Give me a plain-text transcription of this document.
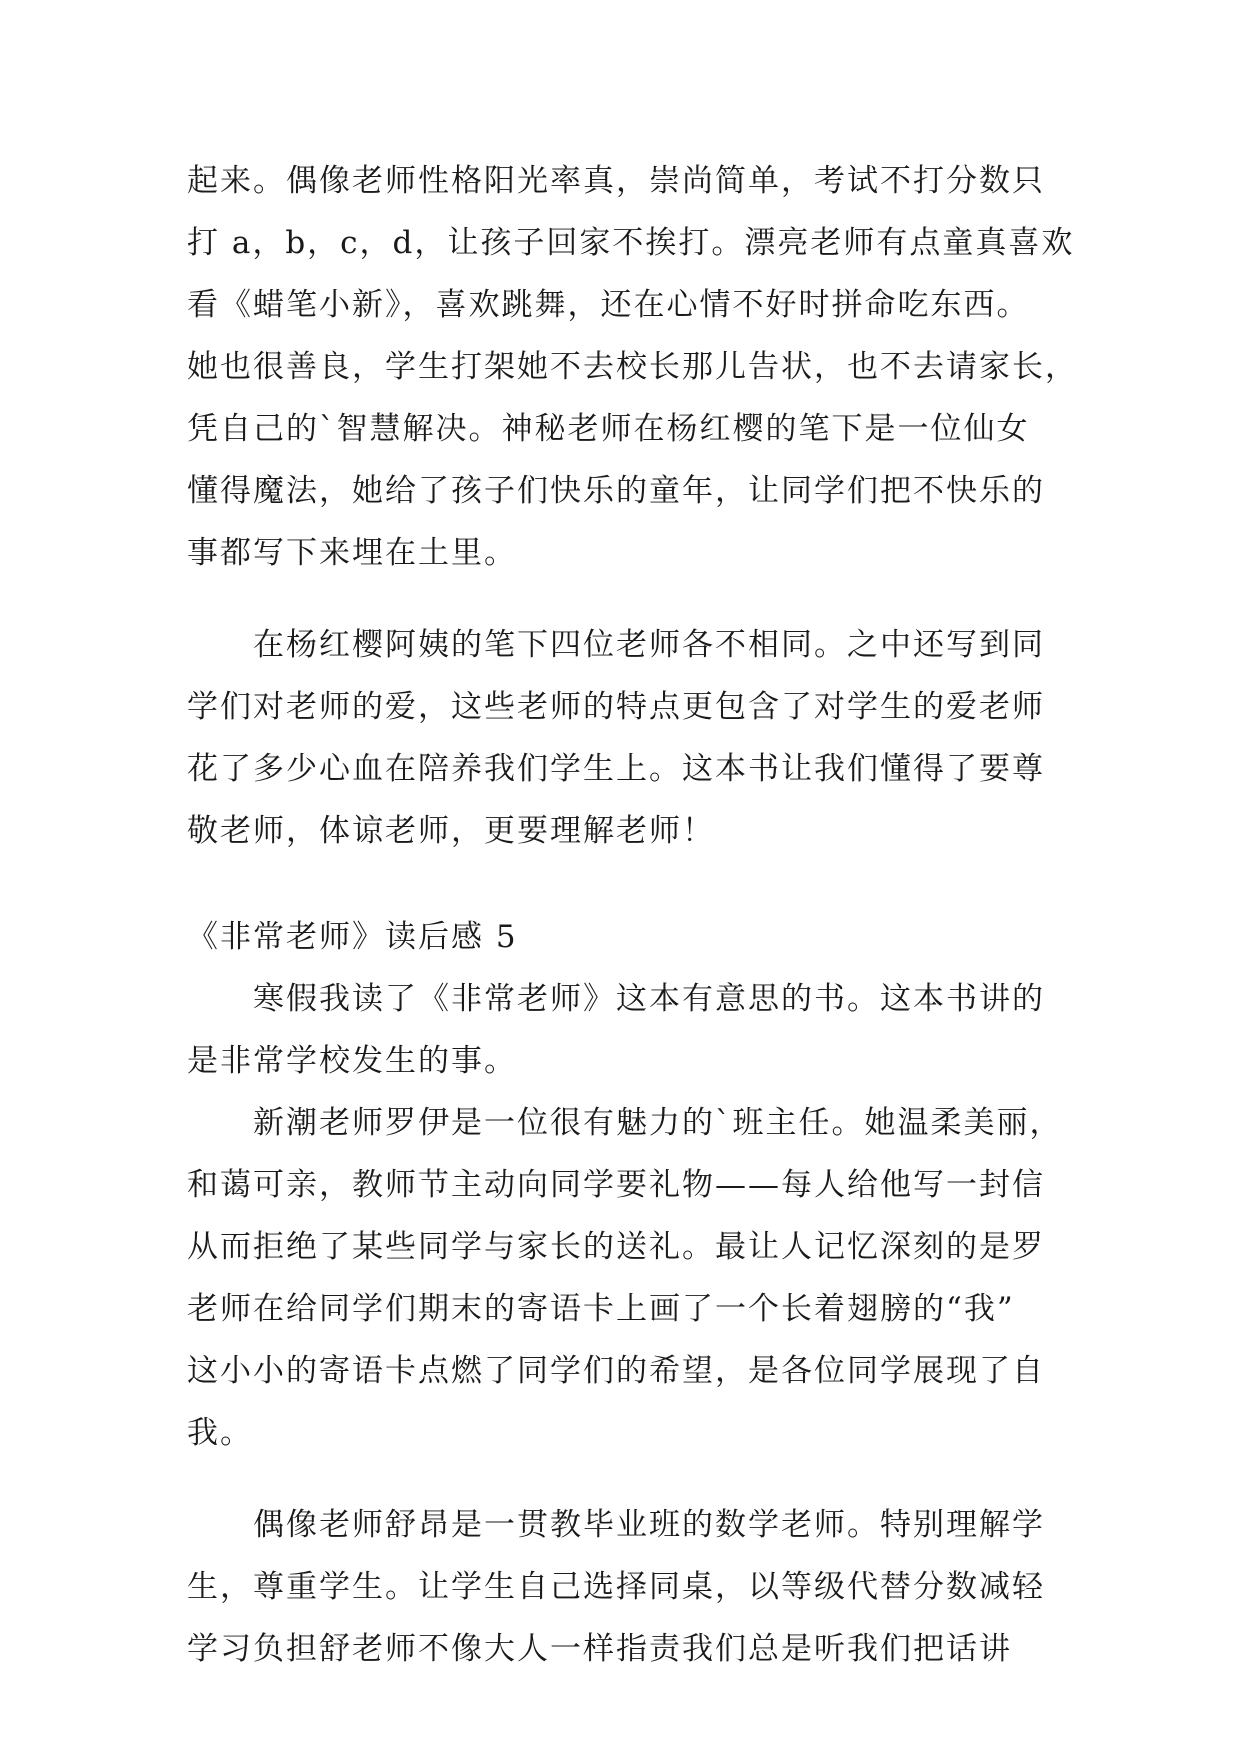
起来。偶像老师性格阳光率真，崇尚简单，考试不打分数只
打 a，b，c，d，让孩子回家不挨打。漂亮老师有点童真喜欢
看《蜡笔小新》，喜欢跳舞，还在心情不好时拼命吃东西。
她也很善良，学生打架她不去校长那儿告状，也不去请家长，
凭自己的`智慧解决。神秘老师在杨红樱的笔下是一位仙女
懂得魔法，她给了孩子们快乐的童年，让同学们把不快乐的
事都写下来埋在土里。
在杨红樱阿姨的笔下四位老师各不相同。之中还写到同
学们对老师的爱，这些老师的特点更包含了对学生的爱老师
花了多少心血在陪养我们学生上。这本书让我们懂得了要尊
敬老师，体谅老师，更要理解老师！
《非常老师》读后感 5
寒假我读了《非常老师》这本有意思的书。这本书讲的
是非常学校发生的事。
新潮老师罗伊是一位很有魅力的`班主任。她温柔美丽，
和蔼可亲，教师节主动向同学要礼物——每人给他写一封信
从而拒绝了某些同学与家长的送礼。最让人记忆深刻的是罗
老师在给同学们期末的寄语卡上画了一个长着翅膀的“我”
这小小的寄语卡点燃了同学们的希望，是各位同学展现了自
我。
偶像老师舒昂是一贯教毕业班的数学老师。特别理解学
生，尊重学生。让学生自己选择同桌，以等级代替分数减轻
学习负担舒老师不像大人一样指责我们总是听我们把话讲
